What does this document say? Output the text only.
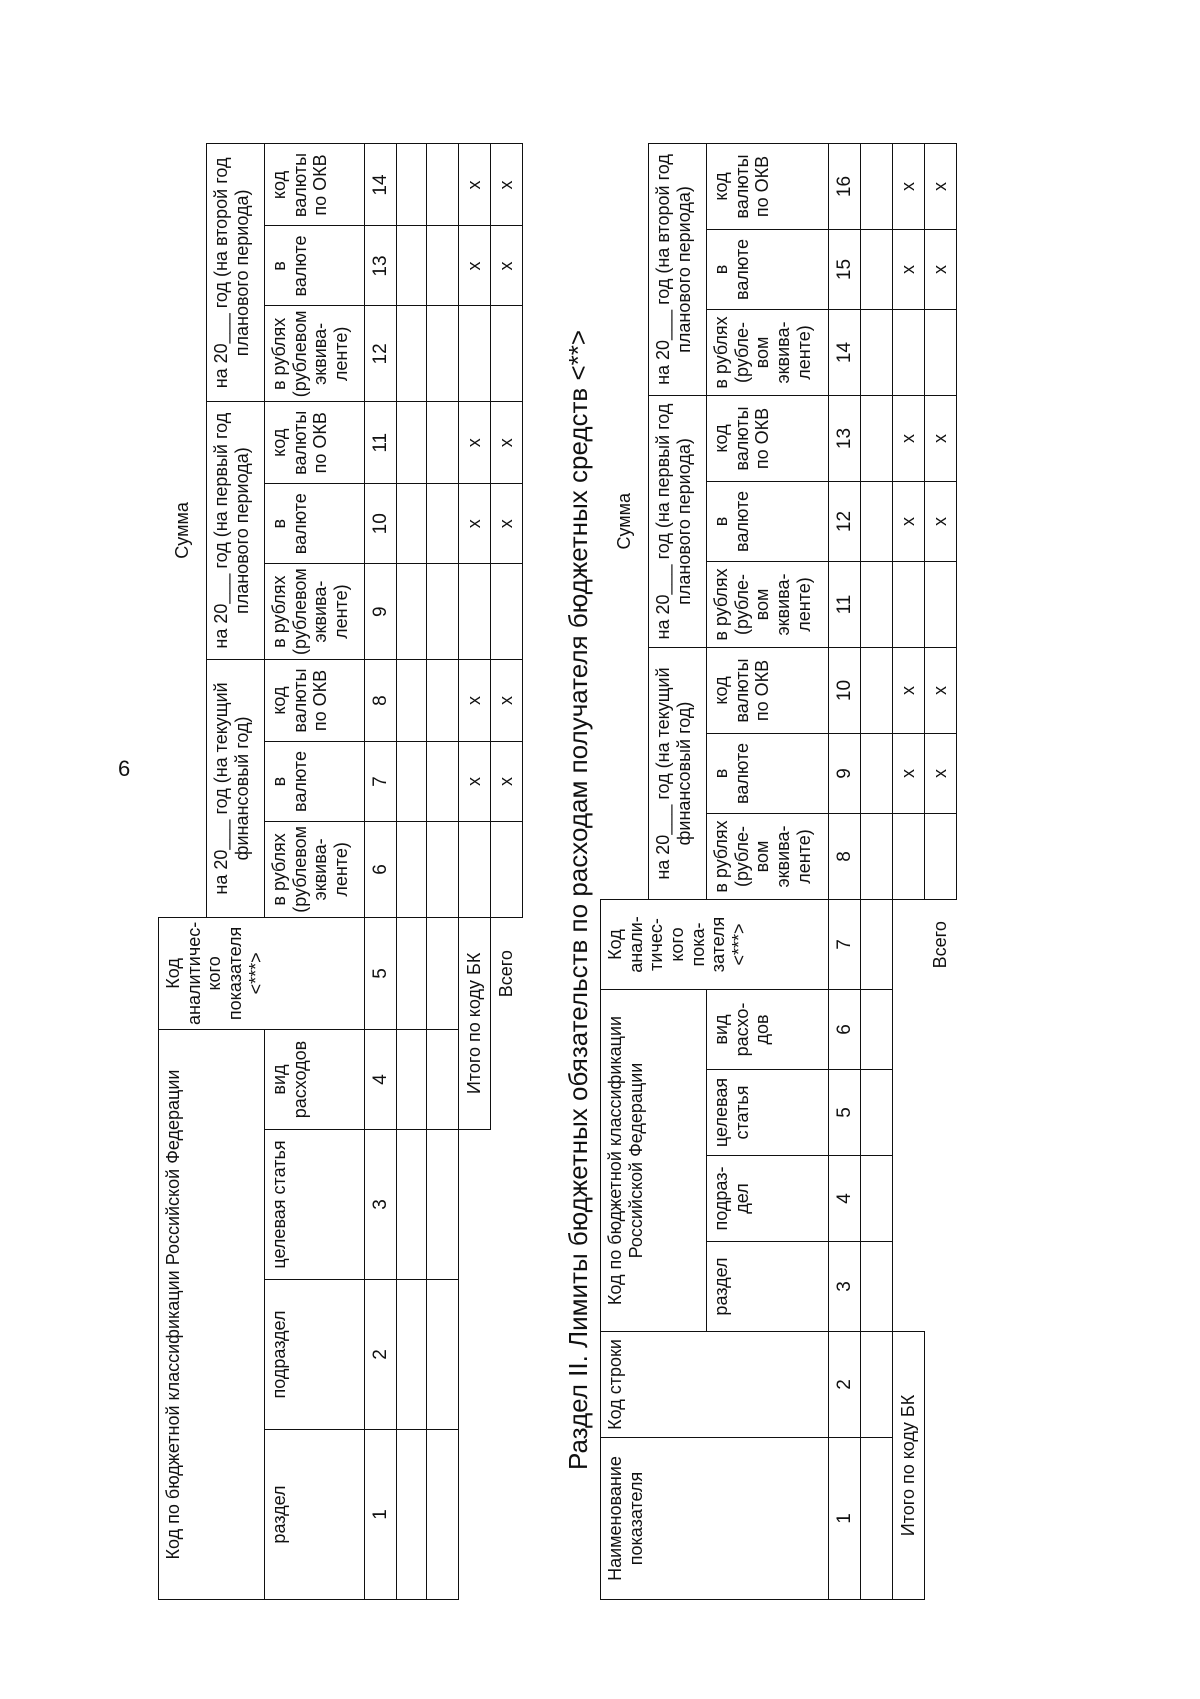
6
Код по бюджетной классификации Российской Федерации				Код аналитичес-кого показателя <***>	Сумма								
					на 20___ год (на текущий финансовый год)			на 20___ год (на первый год планового периода)			на 20___ год (на второй год планового периода)		
раздел	подраздел	целевая статья	вид расходов		в рублях (рублевом эквива-ленте)	в валюте	код валюты по ОКВ	в рублях (рублевом эквива-ленте)	в валюте	код валюты по ОКВ	в рублях (рублевом эквива-ленте)	в валюте	код валюты по ОКВ
1	2	3	4	5	6	7	8	9	10	11	12	13	14

			Итого по коду БК			x	x		x	x		x	x
				Всего		x	x		x	x		x	x
Раздел II. Лимиты бюджетных обязательств по расходам получателя бюджетных средств <**>
Наименование показателя	Код строки	Код по бюджетной классификации Российской Федерации				Код анали-тичес-кого пока-зателя <***>	Сумма								
							на 20___ год (на текущий финансовый год)			на 20___ год (на первый год планового периода)			на 20___ год (на второй год планового периода)		
		раздел	подраз-дел	целевая статья	вид расхо-дов		в рублях (рубле-вом эквива-ленте)	в валюте	код валюты по ОКВ	в рублях (рубле-вом эквива-ленте)	в валюте	код валюты по ОКВ	в рублях (рубле-вом эквива-ленте)	в валюте	код валюты по ОКВ
1	2	3	4	5	6	7	8	9	10	11	12	13	14	15	16

Итого по коду БК								x	x		x	x		x	x
						Всего		x	x		x	x		x	x
